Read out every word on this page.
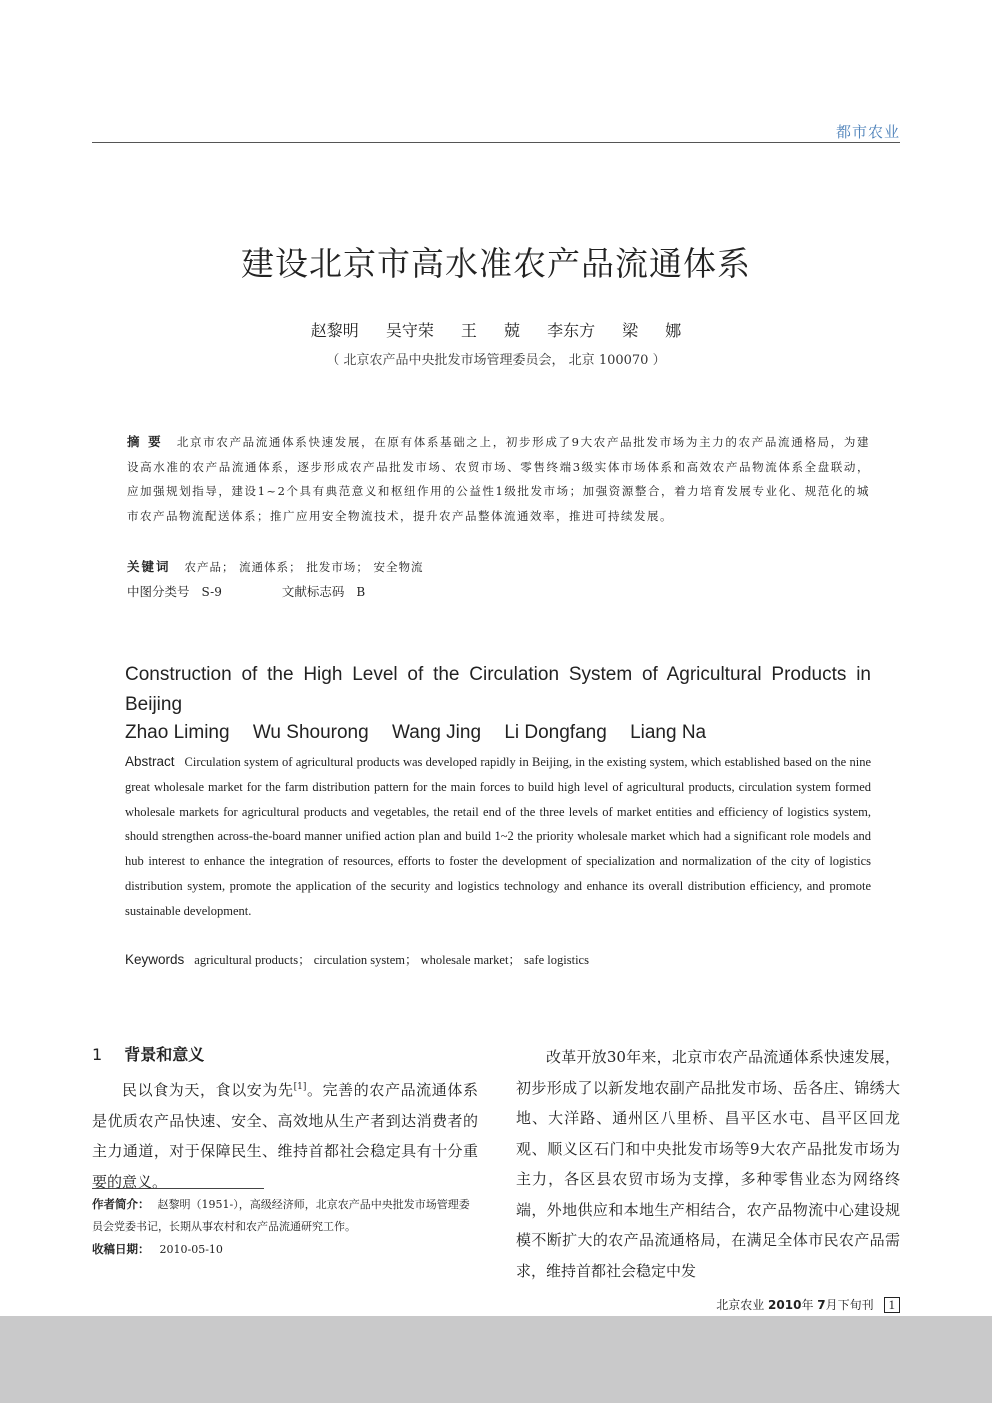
都市农业
建设北京市高水准农产品流通体系
赵黎明 吴守荣 王 兢 李东方 梁 娜
（ 北京农产品中央批发市场管理委员会， 北京 100070 ）
摘 要 北京市农产品流通体系快速发展，在原有体系基础之上，初步形成了9大农产品批发市场为主力的农产品流通格局，为建设高水准的农产品流通体系，逐步形成农产品批发市场、农贸市场、零售终端3级实体市场体系和高效农产品物流体系全盘联动，应加强规划指导，建设1~2个具有典范意义和枢纽作用的公益性1级批发市场；加强资源整合，着力培育发展专业化、规范化的城市农产品物流配送体系；推广应用安全物流技术，提升农产品整体流通效率，推进可持续发展。
关键词 农产品； 流通体系； 批发市场； 安全物流
中图分类号 S-9	文献标志码 B
Construction of the High Level of the Circulation System of Agricultural Products in Beijing
Zhao Liming Wu Shourong Wang Jing Li Dongfang Liang Na
Abstract Circulation system of agricultural products was developed rapidly in Beijing, in the existing system, which established based on the nine great wholesale market for the farm distribution pattern for the main forces to build high level of agricultural products, circulation system formed wholesale markets for agricultural products and vegetables, the retail end of the three levels of market entities and efficiency of logistics system, should strengthen across-the-board manner unified action plan and build 1~2 the priority wholesale market which had a significant role models and hub interest to enhance the integration of resources, efforts to foster the development of specialization and normalization of the city of logistics distribution system, promote the application of the security and logistics technology and enhance its overall distribution efficiency, and promote sustainable development.
Keywords agricultural products； circulation system； wholesale market； safe logistics
1 背景和意义

民以食为天，食以安为先[1]。完善的农产品流通体系是优质农产品快速、安全、高效地从生产者到达消费者的主力通道，对于保障民生、维持首都社会稳定具有十分重要的意义。

改革开放30年来，北京市农产品流通体系快速发展，初步形成了以新发地农副产品批发市场、岳各庄、锦绣大地、大洋路、通州区八里桥、昌平区水屯、昌平区回龙观、顺义区石门和中央批发市场等9大农产品批发市场为主力，各区县农贸市场为支撑，多种零售业态为网络终端，外地供应和本地生产相结合，农产品物流中心建设规模不断扩大的农产品流通格局，在满足全体市民农产品需求，维持首都社会稳定中发

作者简介： 赵黎明（1951-），高级经济师，北京农产品中央批发市场管理委员会党委书记，长期从事农村和农产品流通研究工作。
收稿日期： 2010-05-10
北京农业 2010年 7月下旬刊 1
